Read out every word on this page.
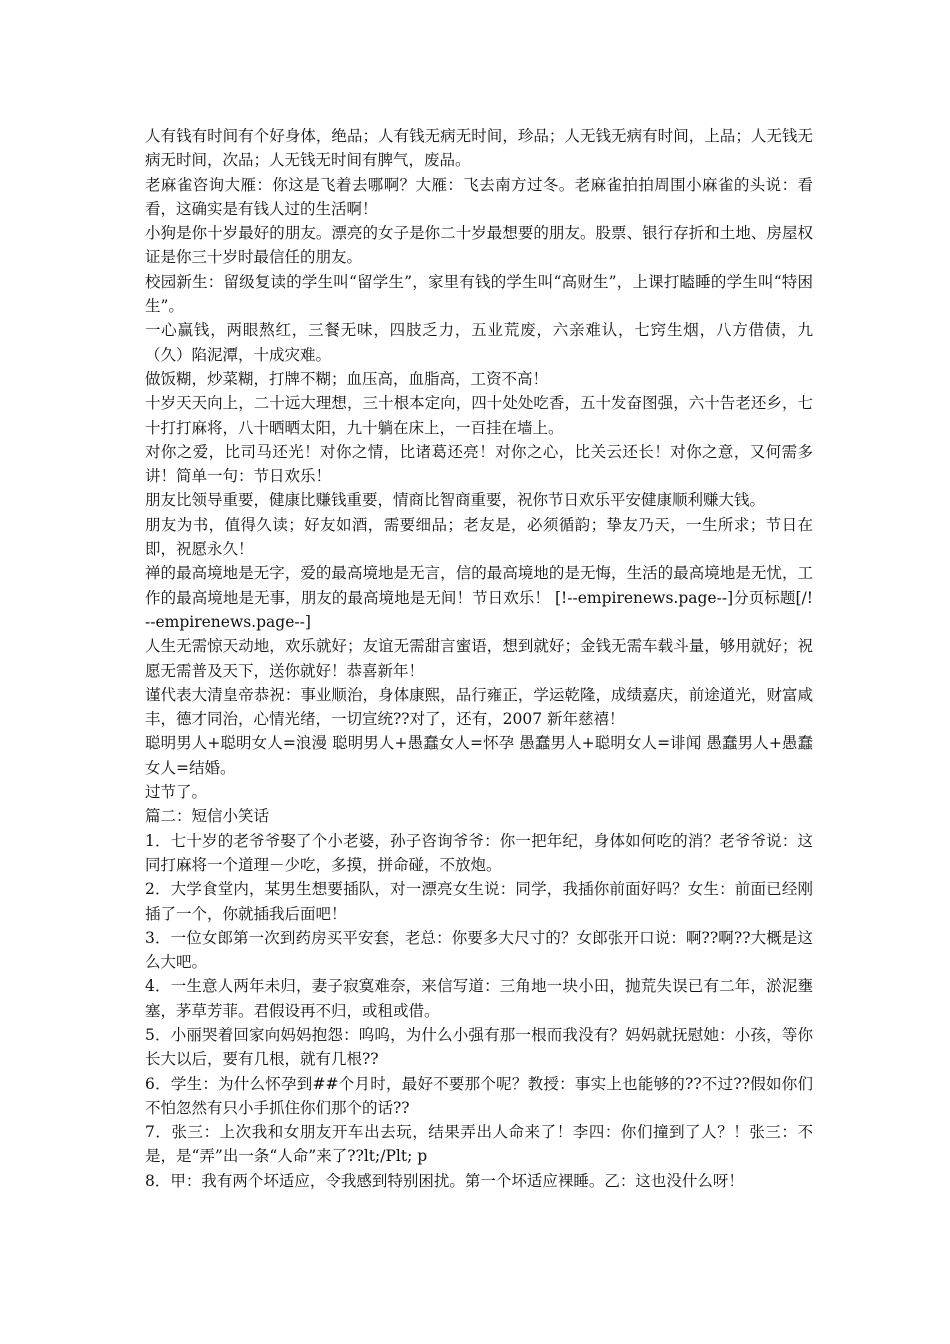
人有钱有时间有个好身体，绝品；人有钱无病无时间，珍品；人无钱无病有时间，上品；人无钱无病无时间，次品；人无钱无时间有脾气，废品。

老麻雀咨询大雁：你这是飞着去哪啊？大雁：飞去南方过冬。老麻雀拍拍周围小麻雀的头说：看看，这确实是有钱人过的生活啊！

小狗是你十岁最好的朋友。漂亮的女子是你二十岁最想要的朋友。股票、银行存折和土地、房屋权证是你三十岁时最信任的朋友。

校园新生：留级复读的学生叫“留学生”，家里有钱的学生叫“高财生”，上课打瞌睡的学生叫“特困生”。

一心赢钱，两眼熬红，三餐无味，四肢乏力，五业荒废，六亲难认，七窍生烟，八方借债，九（久）陷泥潭，十成灾难。

做饭糊，炒菜糊，打牌不糊；血压高，血脂高，工资不高！

十岁天天向上，二十远大理想，三十根本定向，四十处处吃香，五十发奋图强，六十告老还乡，七十打打麻将，八十晒晒太阳，九十躺在床上，一百挂在墙上。

对你之爱，比司马还光！对你之情，比诸葛还亮！对你之心，比关云还长！对你之意，又何需多讲！简单一句：节日欢乐！

朋友比领导重要，健康比赚钱重要，情商比智商重要，祝你节日欢乐平安健康顺利赚大钱。

朋友为书，值得久读；好友如酒，需要细品；老友是，必须循韵；挚友乃天，一生所求；节日在即，祝愿永久！

禅的最高境地是无字，爱的最高境地是无言，信的最高境地的是无悔，生活的最高境地是无忧，工作的最高境地是无事，朋友的最高境地是无间！节日欢乐！ [!--empirenews.page--]分页标题[/!--empirenews.page--]

人生无需惊天动地，欢乐就好；友谊无需甜言蜜语，想到就好；金钱无需车载斗量，够用就好；祝愿无需普及天下，送你就好！恭喜新年！

谨代表大清皇帝恭祝：事业顺治，身体康熙，品行雍正，学运乾隆，成绩嘉庆，前途道光，财富咸丰，德才同治，心情光绪，一切宣统??对了，还有，2007 新年慈禧！

聪明男人+聪明女人=浪漫 聪明男人+愚蠢女人=怀孕 愚蠢男人+聪明女人=诽闻 愚蠢男人+愚蠢女人=结婚。

过节了。

篇二：短信小笑话

1．七十岁的老爷爷娶了个小老婆，孙子咨询爷爷：你一把年纪，身体如何吃的消？老爷爷说：这同打麻将一个道理－少吃，多摸，拼命碰，不放炮。

2．大学食堂内，某男生想要插队，对一漂亮女生说：同学，我插你前面好吗？女生：前面已经刚插了一个，你就插我后面吧！

3．一位女郎第一次到药房买平安套，老总：你要多大尺寸的？女郎张开口说：啊??啊??大概是这么大吧。

4．一生意人两年未归，妻子寂寞难奈，来信写道：三角地一块小田，抛荒失误已有二年，淤泥壅塞，茅草芳菲。君假设再不归，或租或借。

5．小丽哭着回家向妈妈抱怨：呜呜，为什么小强有那一根而我没有？妈妈就抚慰她：小孩，等你长大以后，要有几根，就有几根??

6．学生：为什么怀孕到##个月时，最好不要那个呢？教授：事实上也能够的??不过??假如你们不怕忽然有只小手抓住你们那个的话??

7．张三：上次我和女朋友开车出去玩，结果弄出人命来了！李四：你们撞到了人？！张三：不是，是“弄”出一条“人命”来了??lt;/Plt; p

8．甲：我有两个坏适应，令我感到特别困扰。第一个坏适应裸睡。乙：这也没什么呀！
